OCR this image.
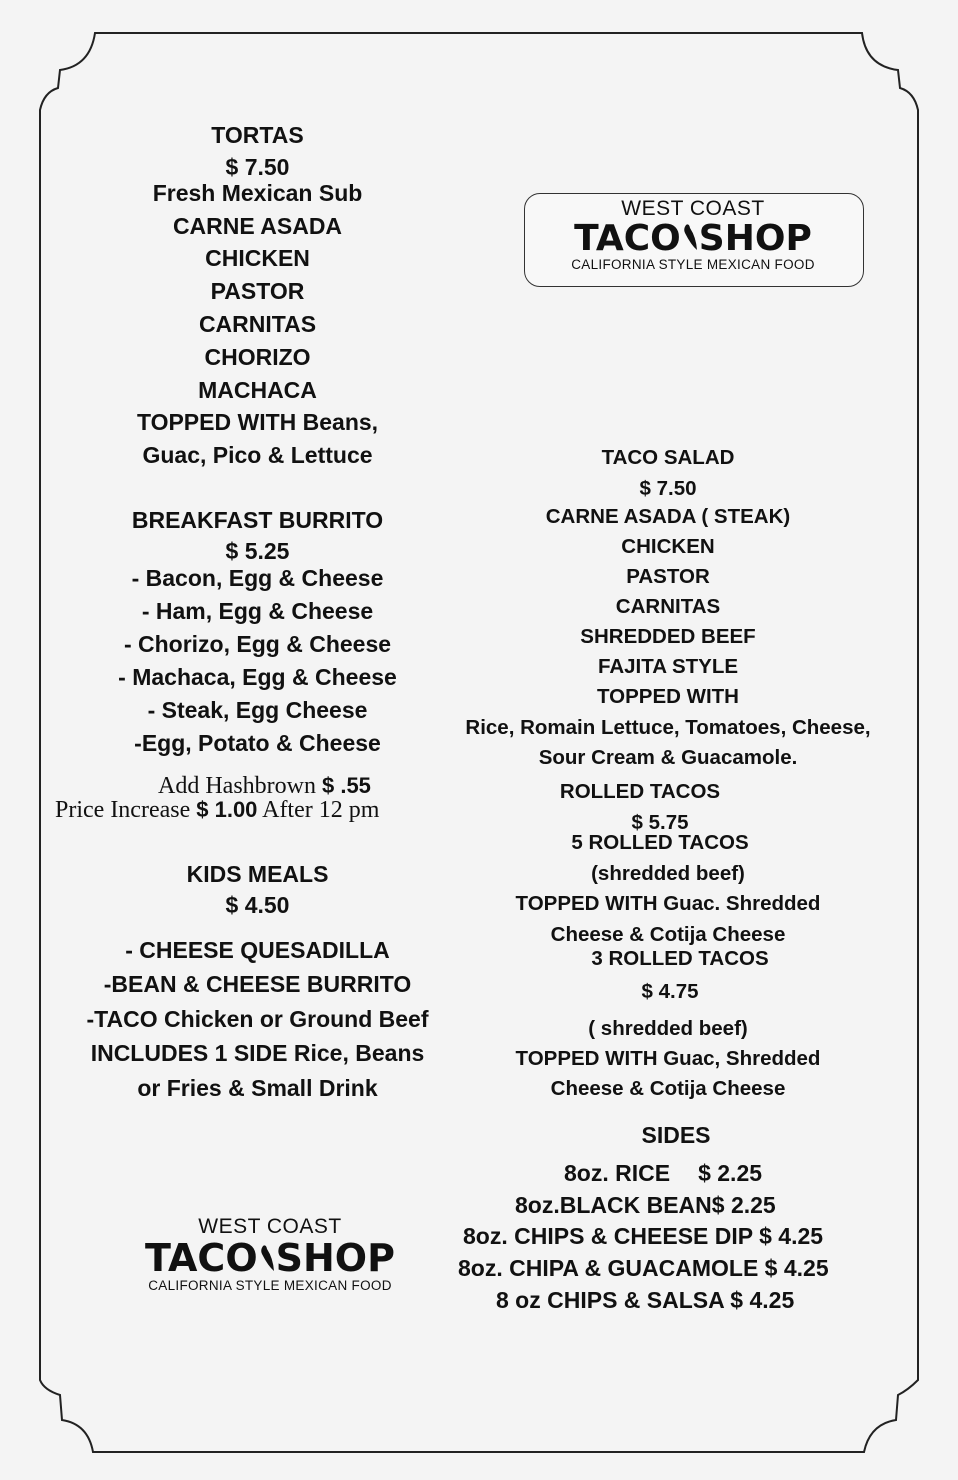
TORTAS
$ 7.50
Fresh Mexican Sub
CARNE ASADA
CHICKEN
PASTOR
CARNITAS
CHORIZO
MACHACA
TOPPED WITH Beans,
Guac, Pico & Lettuce
BREAKFAST BURRITO
$ 5.25
- Bacon, Egg & Cheese
- Ham, Egg & Cheese
- Chorizo, Egg & Cheese
- Machaca, Egg & Cheese
- Steak, Egg Cheese
-Egg, Potato & Cheese
Add Hashbrown $ .55
Price Increase $ 1.00 After 12 pm
KIDS MEALS
$ 4.50
- CHEESE QUESADILLA
-BEAN & CHEESE BURRITO
-TACO Chicken or Ground Beef
INCLUDES 1 SIDE Rice, Beans
or Fries & Small Drink
WEST COAST
TACO SHOP
CALIFORNIA STYLE MEXICAN FOOD
WEST COAST
TACO SHOP
CALIFORNIA STYLE MEXICAN FOOD
TACO SALAD
$ 7.50
CARNE ASADA ( STEAK)
CHICKEN
PASTOR
CARNITAS
SHREDDED BEEF
FAJITA STYLE
TOPPED WITH
Rice, Romain Lettuce, Tomatoes, Cheese,
Sour Cream & Guacamole.
ROLLED TACOS
$ 5.75
5 ROLLED TACOS
(shredded beef)
TOPPED WITH Guac. Shredded
Cheese & Cotija Cheese
3 ROLLED TACOS
$ 4.75
( shredded beef)
TOPPED WITH Guac, Shredded
Cheese & Cotija Cheese
SIDES
8oz. RICE $ 2.25
8oz.BLACK BEAN$ 2.25
8oz. CHIPS & CHEESE DIP $ 4.25
8oz. CHIPA & GUACAMOLE $ 4.25
8 oz CHIPS & SALSA $ 4.25
